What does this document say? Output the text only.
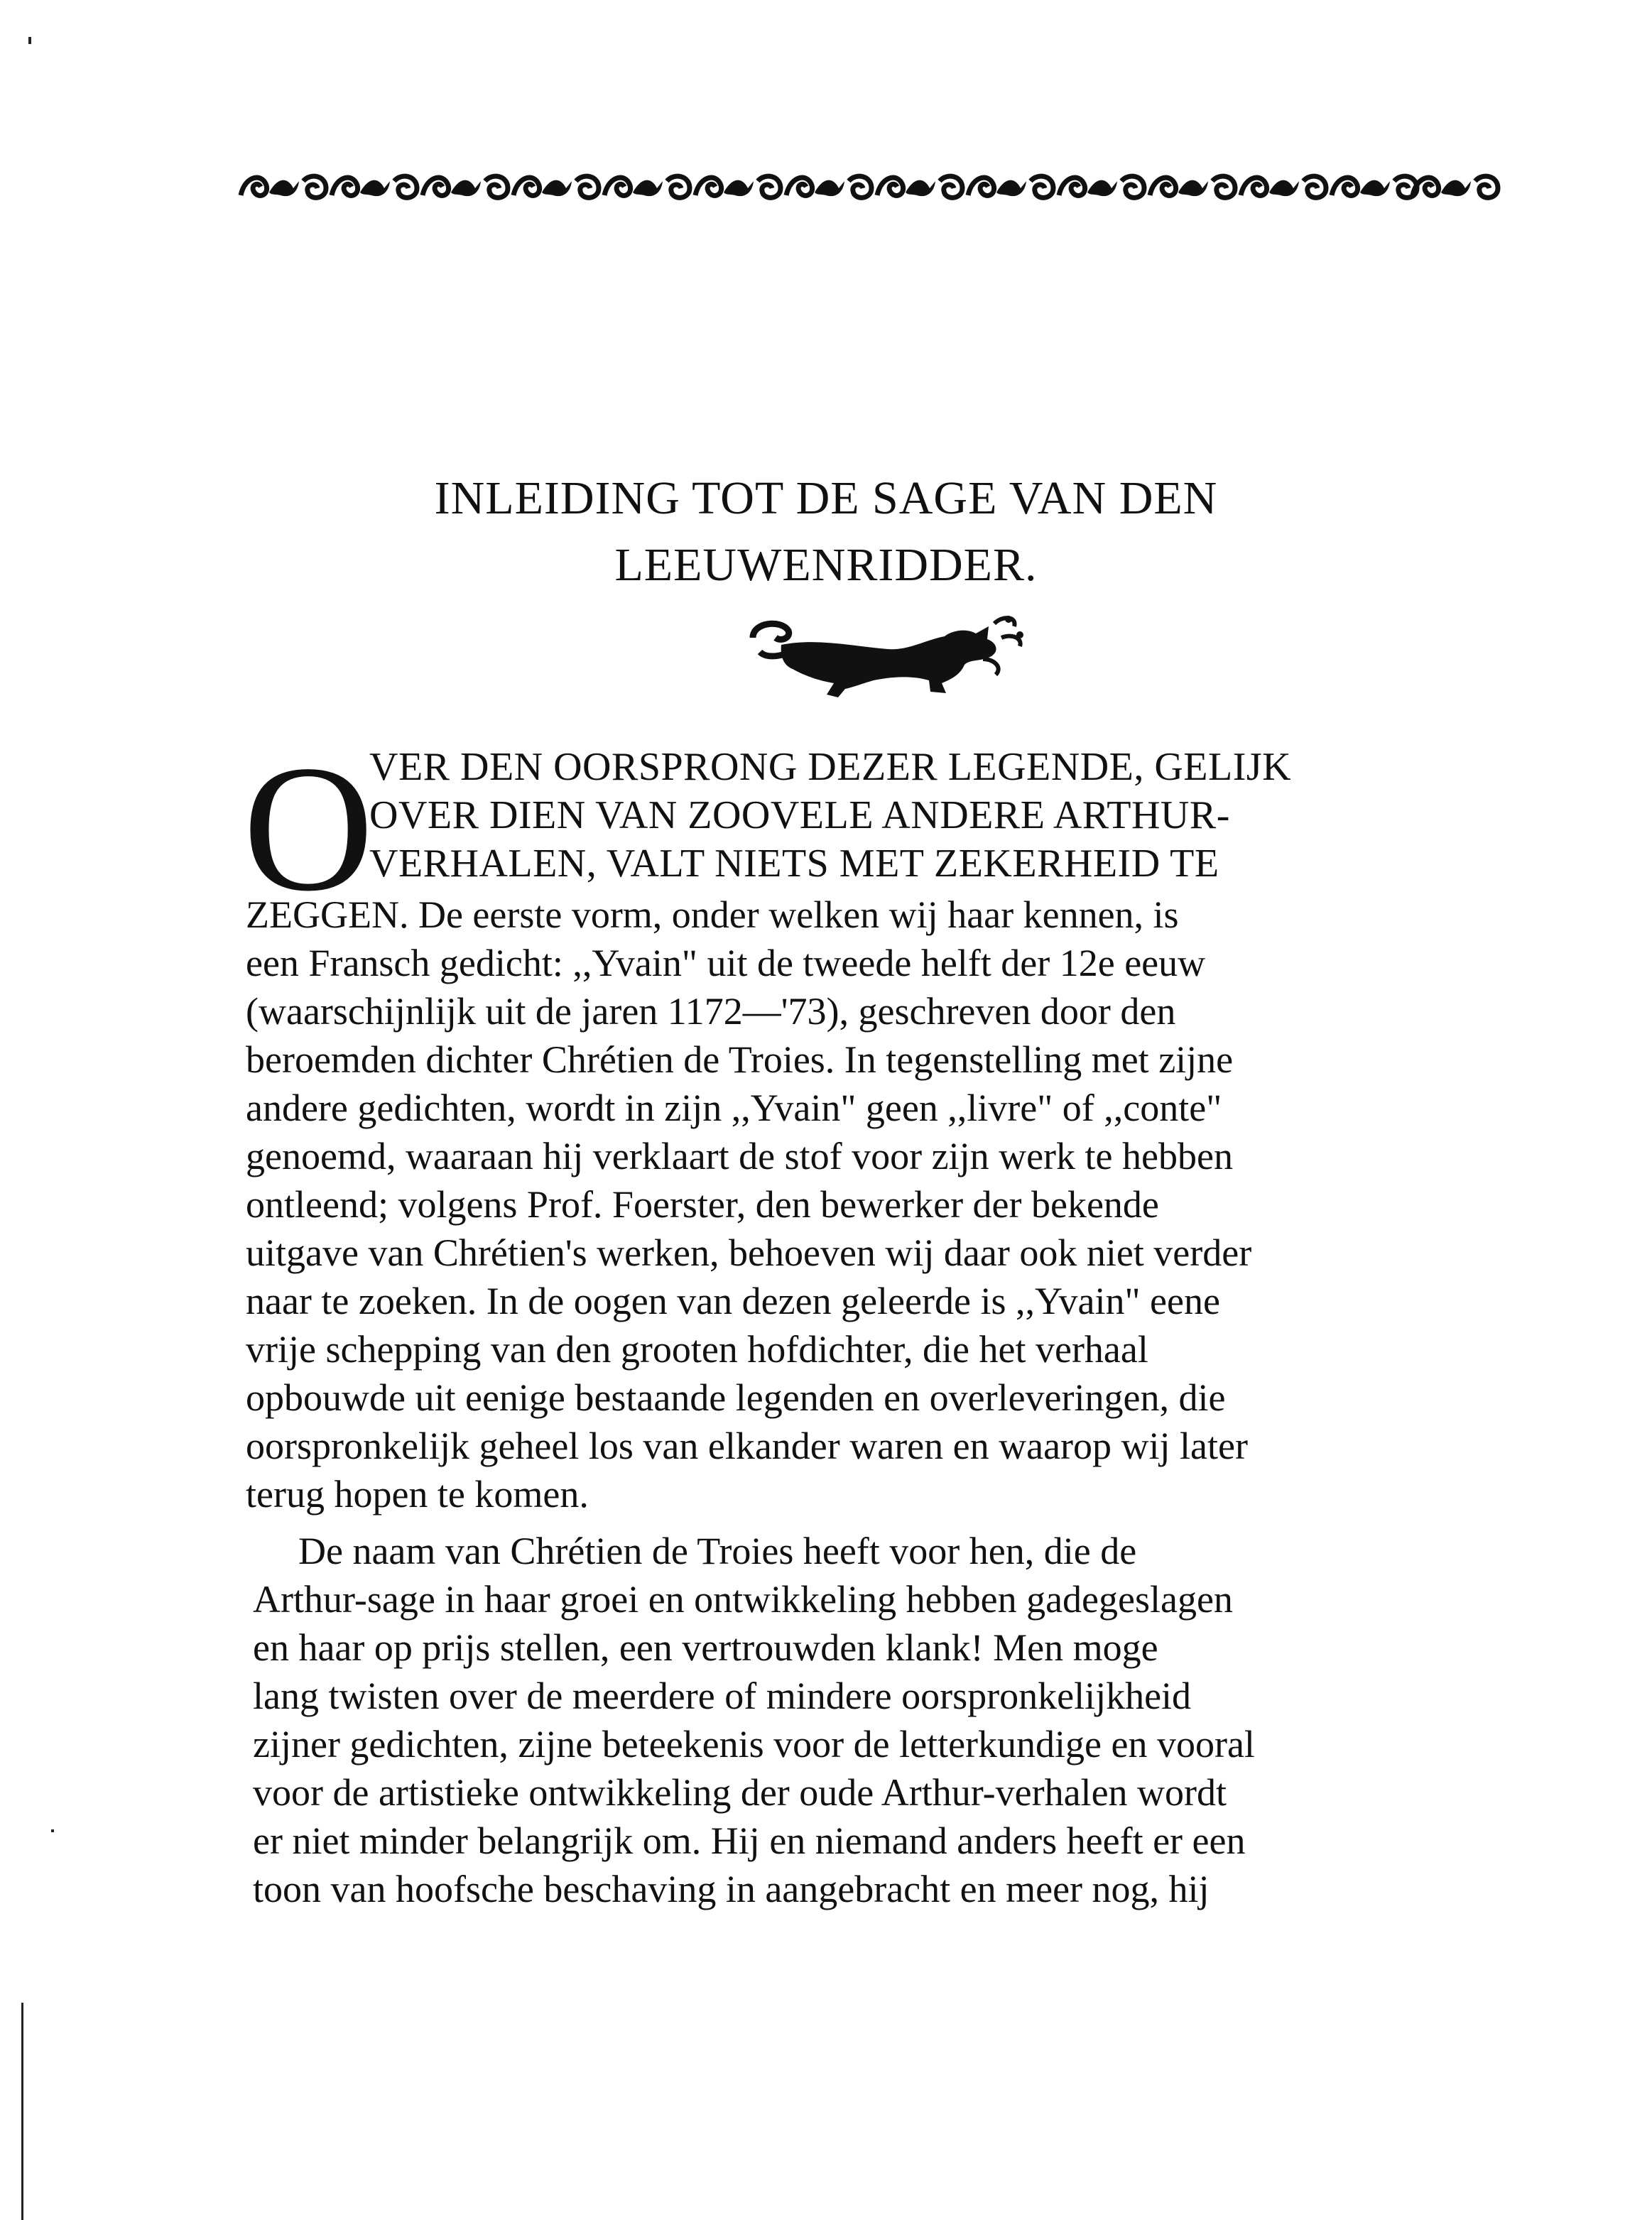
INLEIDING TOT DE SAGE VAN DEN
LEEUWENRIDDER.
O
VER DEN OORSPRONG DEZER LEGENDE, GELIJK
OVER DIEN VAN ZOOVELE ANDERE ARTHUR-
VERHALEN, VALT NIETS MET ZEKERHEID TE
ZEGGEN. De eerste vorm, onder welken wij haar kennen, is
een Fransch gedicht: ,,Yvain" uit de tweede helft der 12e eeuw
(waarschijnlijk uit de jaren 1172—'73), geschreven door den
beroemden dichter Chrétien de Troies. In tegenstelling met zijne
andere gedichten, wordt in zijn ,,Yvain" geen ,,livre" of ,,conte"
genoemd, waaraan hij verklaart de stof voor zijn werk te hebben
ontleend; volgens Prof. Foerster, den bewerker der bekende
uitgave van Chrétien's werken, behoeven wij daar ook niet verder
naar te zoeken. In de oogen van dezen geleerde is ,,Yvain" eene
vrije schepping van den grooten hofdichter, die het verhaal
opbouwde uit eenige bestaande legenden en overleveringen, die
oorspronkelijk geheel los van elkander waren en waarop wij later
terug hopen te komen.
De naam van Chrétien de Troies heeft voor hen, die de
Arthur-sage in haar groei en ontwikkeling hebben gadegeslagen
en haar op prijs stellen, een vertrouwden klank! Men moge
lang twisten over de meerdere of mindere oorspronkelijkheid
zijner gedichten, zijne beteekenis voor de letterkundige en vooral
voor de artistieke ontwikkeling der oude Arthur-verhalen wordt
er niet minder belangrijk om. Hij en niemand anders heeft er een
toon van hoofsche beschaving in aangebracht en meer nog, hij
